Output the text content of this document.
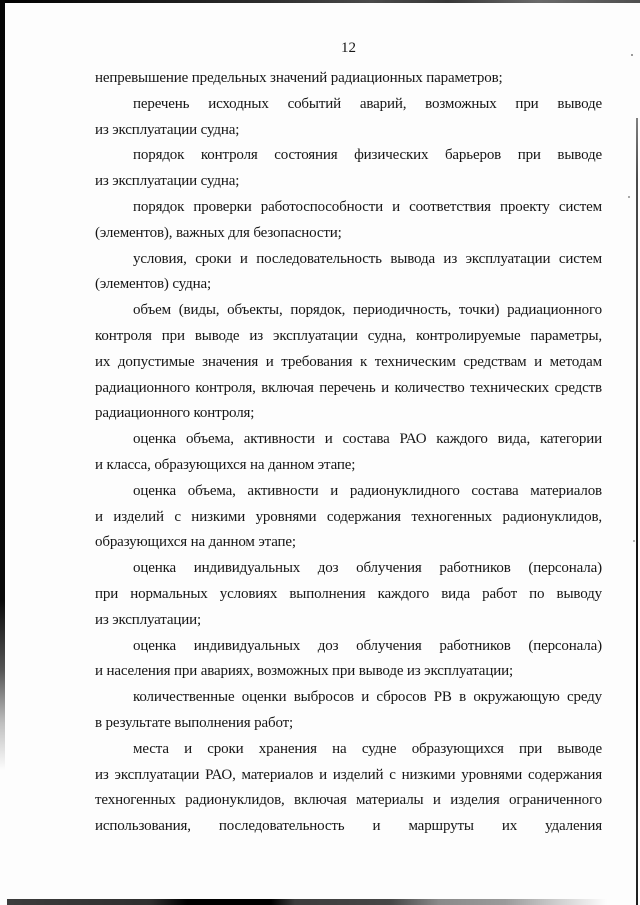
12
непревышение предельных значений радиационных параметров;
перечень исходных событий аварий, возможных при выводе
из эксплуатации судна;
порядок контроля состояния физических барьеров при выводе
из эксплуатации судна;
порядок проверки работоспособности и соответствия проекту систем
(элементов), важных для безопасности;
условия, сроки и последовательность вывода из эксплуатации систем
(элементов) судна;
объем (виды, объекты, порядок, периодичность, точки) радиационного
контроля при выводе из эксплуатации судна, контролируемые параметры,
их допустимые значения и требования к техническим средствам и методам
радиационного контроля, включая перечень и количество технических средств
радиационного контроля;
оценка объема, активности и состава РАО каждого вида, категории
и класса, образующихся на данном этапе;
оценка объема, активности и радионуклидного состава материалов
и изделий с низкими уровнями содержания техногенных радионуклидов,
образующихся на данном этапе;
оценка индивидуальных доз облучения работников (персонала)
при нормальных условиях выполнения каждого вида работ по выводу
из эксплуатации;
оценка индивидуальных доз облучения работников (персонала)
и населения при авариях, возможных при выводе из эксплуатации;
количественные оценки выбросов и сбросов РВ в окружающую среду
в результате выполнения работ;
места и сроки хранения на судне образующихся при выводе
из эксплуатации РАО, материалов и изделий с низкими уровнями содержания
техногенных радионуклидов, включая материалы и изделия ограниченного
использования, последовательность и маршруты их удаления
